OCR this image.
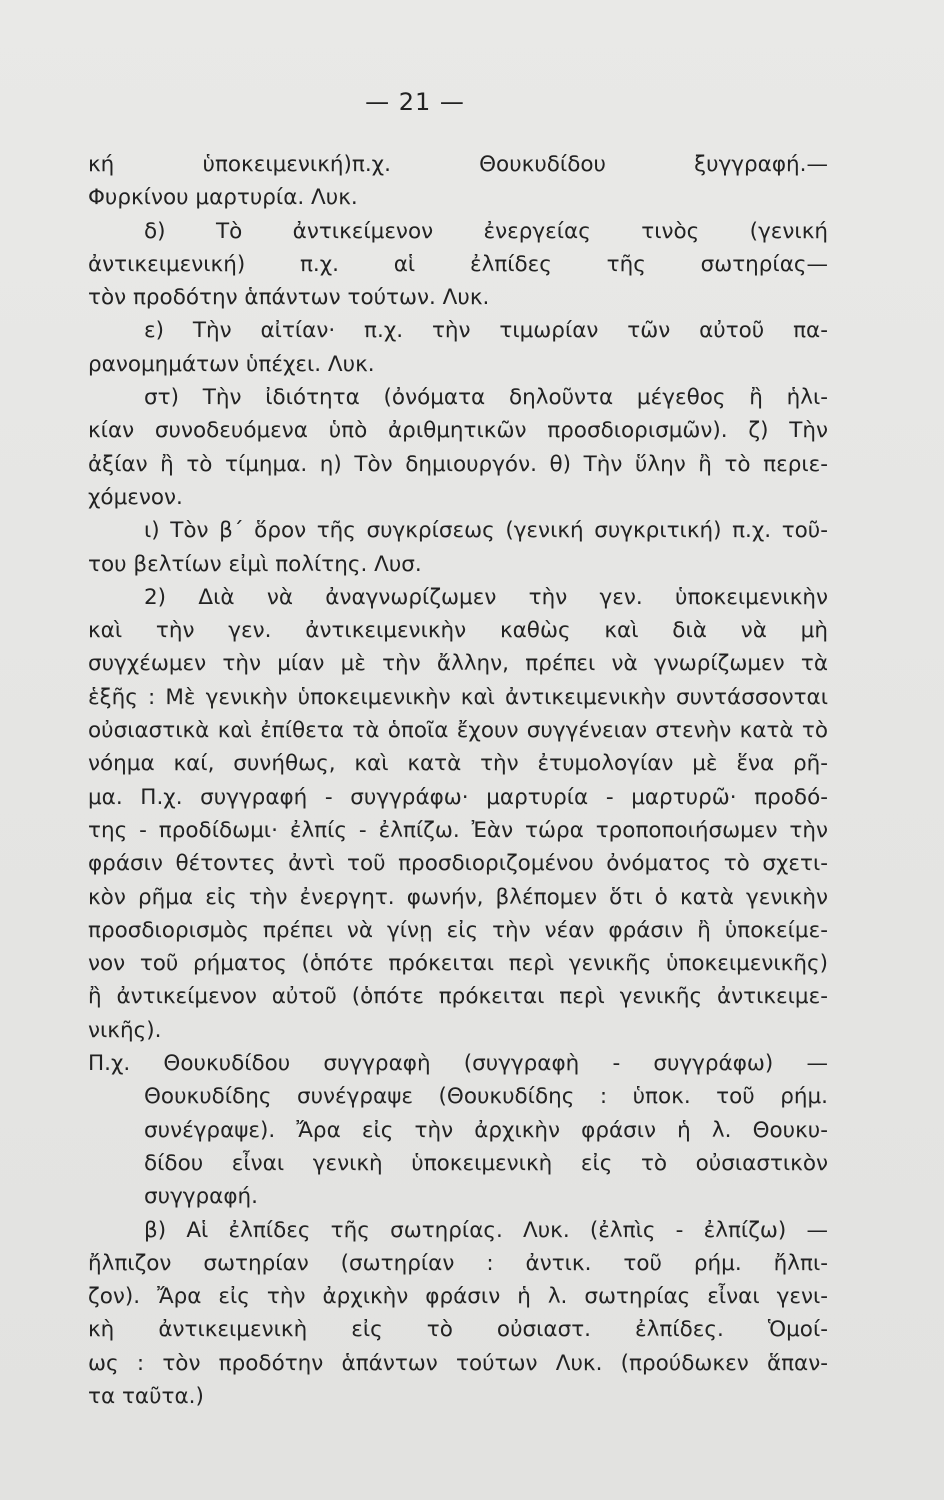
— 21 —
κή ὑποκειμενική)π.χ. Θουκυδίδου ξυγγραφή.—
Φυρκίνου μαρτυρία. Λυκ.
δ) Τὸ ἀντικείμενον ἐνεργείας τινὸς (γενική
ἀντικειμενική) π.χ. αἱ ἐλπίδες τῆς σωτηρίας—
τὸν προδότην ἁπάντων τούτων. Λυκ.
ε) Τὴν αἰτίαν· π.χ. τὴν τιμωρίαν τῶν αὐτοῦ πα-
ρανομημάτων ὑπέχει. Λυκ.
στ) Τὴν ἰδιότητα (ὀνόματα δηλοῦντα μέγεθος ἢ ἡλι-
κίαν συνοδευόμενα ὑπὸ ἀριθμητικῶν προσδιορισμῶν). ζ) Τὴν
ἀξίαν ἢ τὸ τίμημα. η) Τὸν δημιουργόν. θ) Τὴν ὕλην ἢ τὸ περιε-
χόμενον.
ι) Τὸν β΄ ὅρον τῆς συγκρίσεως (γενική συγκριτική) π.χ. τοῦ-
του βελτίων εἰμὶ πολίτης. Λυσ.
2) Διὰ νὰ ἀναγνωρίζωμεν τὴν γεν. ὑποκειμενικὴν
καὶ τὴν γεν. ἀντικειμενικὴν καθὼς καὶ διὰ νὰ μὴ
συγχέωμεν τὴν μίαν μὲ τὴν ἄλλην, πρέπει νὰ γνωρίζωμεν τὰ
ἑξῆς : Μὲ γενικὴν ὑποκειμενικὴν καὶ ἀντικειμενικὴν συντάσσονται
οὐσιαστικὰ καὶ ἐπίθετα τὰ ὁποῖα ἔχουν συγγένειαν στενὴν κατὰ τὸ
νόημα καί, συνήθως, καὶ κατὰ τὴν ἐτυμολογίαν μὲ ἕνα ρῆ-
μα. Π.χ. συγγραφή - συγγράφω· μαρτυρία - μαρτυρῶ· προδό-
της - προδίδωμι· ἐλπίς - ἐλπίζω. Ἐὰν τώρα τροποποιήσωμεν τὴν
φράσιν θέτοντες ἀντὶ τοῦ προσδιοριζομένου ὀνόματος τὸ σχετι-
κὸν ρῆμα εἰς τὴν ἐνεργητ. φωνήν, βλέπομεν ὅτι ὁ κατὰ γενικὴν
προσδιορισμὸς πρέπει νὰ γίνῃ εἰς τὴν νέαν φράσιν ἢ ὑποκείμε-
νον τοῦ ρήματος (ὁπότε πρόκειται περὶ γενικῆς ὑποκειμενικῆς)
ἢ ἀντικείμενον αὐτοῦ (ὁπότε πρόκειται περὶ γενικῆς ἀντικειμε-
νικῆς).
Π.χ. Θουκυδίδου συγγραφὴ (συγγραφὴ - συγγράφω) —
Θουκυδίδης συνέγραψε (Θουκυδίδης : ὑποκ. τοῦ ρήμ.
συνέγραψε). Ἄρα εἰς τὴν ἀρχικὴν φράσιν ἡ λ. Θουκυ-
δίδου εἶναι γενικὴ ὑποκειμενικὴ εἰς τὸ οὐσιαστικὸν
συγγραφή.
β) Αἱ ἐλπίδες τῆς σωτηρίας. Λυκ. (ἐλπὶς - ἐλπίζω) —
ἤλπιζον σωτηρίαν (σωτηρίαν : ἀντικ. τοῦ ρήμ. ἤλπι-
ζον). Ἄρα εἰς τὴν ἀρχικὴν φράσιν ἡ λ. σωτηρίας εἶναι γενι-
κὴ ἀντικειμενικὴ εἰς τὸ οὐσιαστ. ἐλπίδες. Ὁμοί-
ως : τὸν προδότην ἁπάντων τούτων Λυκ. (προύδωκεν ἅπαν-
τα ταῦτα.)
